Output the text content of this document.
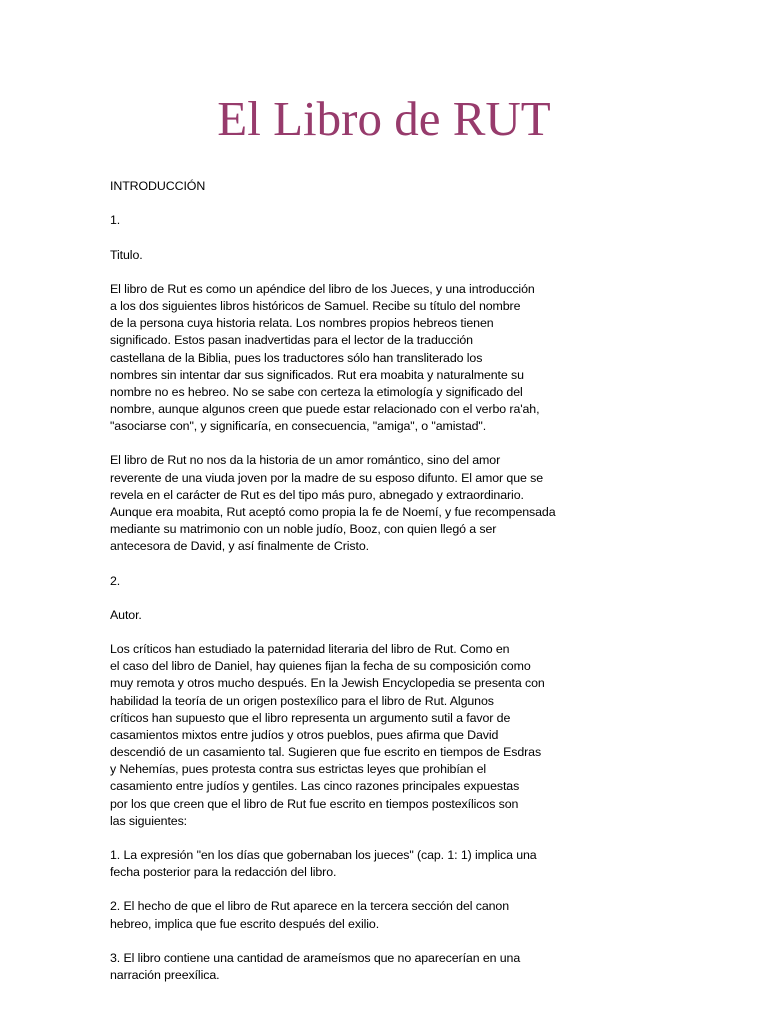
El Libro de RUT

INTRODUCCIÓN

1.

Titulo.

El libro de Rut es como un apéndice del libro de los Jueces, y una introducción
a los dos siguientes libros históricos de Samuel. Recibe su título del nombre
de la persona cuya historia relata. Los nombres propios hebreos tienen
significado. Estos pasan inadvertidas para el lector de la traducción
castellana de la Biblia, pues los traductores sólo han transliterado los
nombres sin intentar dar sus significados. Rut era moabita y naturalmente su
nombre no es hebreo. No se sabe con certeza la etimología y significado del
nombre, aunque algunos creen que puede estar relacionado con el verbo ra'ah,
"asociarse con", y significaría, en consecuencia, "amiga", o "amistad".

El libro de Rut no nos da la historia de un amor romántico, sino del amor
reverente de una viuda joven por la madre de su esposo difunto. El amor que se
revela en el carácter de Rut es del tipo más puro, abnegado y extraordinario.
Aunque era moabita, Rut aceptó como propia la fe de Noemí, y fue recompensada
mediante su matrimonio con un noble judío, Booz, con quien llegó a ser
antecesora de David, y así finalmente de Cristo.

2.

Autor.

Los críticos han estudiado la paternidad literaria del libro de Rut. Como en
el caso del libro de Daniel, hay quienes fijan la fecha de su composición como
muy remota y otros mucho después. En la Jewish Encyclopedia se presenta con
habilidad la teoría de un origen postexílico para el libro de Rut. Algunos
críticos han supuesto que el libro representa un argumento sutil a favor de
casamientos mixtos entre judíos y otros pueblos, pues afirma que David
descendió de un casamiento tal. Sugieren que fue escrito en tiempos de Esdras
y Nehemías, pues protesta contra sus estrictas leyes que prohibían el
casamiento entre judíos y gentiles. Las cinco razones principales expuestas
por los que creen que el libro de Rut fue escrito en tiempos postexílicos son
las siguientes:

1. La expresión "en los días que gobernaban los jueces" (cap. 1: 1) implica una
fecha posterior para la redacción del libro.

2. El hecho de que el libro de Rut aparece en la tercera sección del canon
hebreo, implica que fue escrito después del exilio.

3. El libro contiene una cantidad de arameísmos que no aparecerían en una
narración preexílica.
